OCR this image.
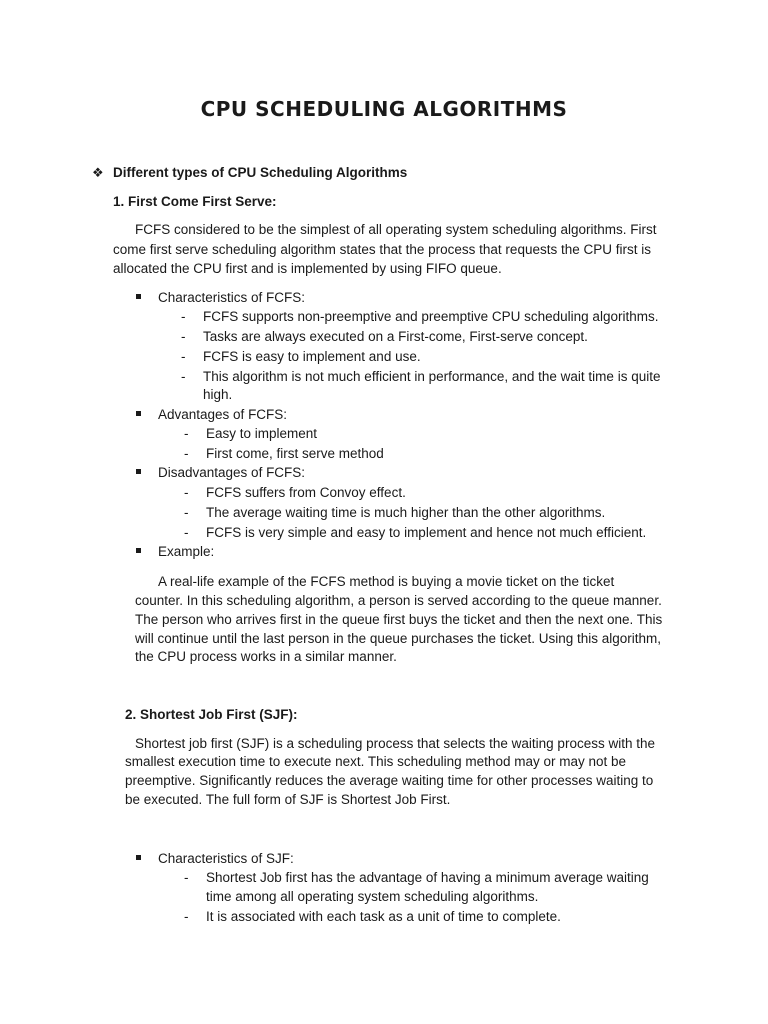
CPU SCHEDULING ALGORITHMS
❖ Different types of CPU Scheduling Algorithms
1. First Come First Serve:
FCFS considered to be the simplest of all operating system scheduling algorithms. First
come first serve scheduling algorithm states that the process that requests the CPU first is
allocated the CPU first and is implemented by using FIFO queue.
Characteristics of FCFS:
- FCFS supports non-preemptive and preemptive CPU scheduling algorithms.
- Tasks are always executed on a First-come, First-serve concept.
- FCFS is easy to implement and use.
- This algorithm is not much efficient in performance, and the wait time is quite
high.
Advantages of FCFS:
- Easy to implement
- First come, first serve method
Disadvantages of FCFS:
- FCFS suffers from Convoy effect.
- The average waiting time is much higher than the other algorithms.
- FCFS is very simple and easy to implement and hence not much efficient.
Example:
A real-life example of the FCFS method is buying a movie ticket on the ticket
counter. In this scheduling algorithm, a person is served according to the queue manner.
The person who arrives first in the queue first buys the ticket and then the next one. This
will continue until the last person in the queue purchases the ticket. Using this algorithm,
the CPU process works in a similar manner.
2. Shortest Job First (SJF):
Shortest job first (SJF) is a scheduling process that selects the waiting process with the
smallest execution time to execute next. This scheduling method may or may not be
preemptive. Significantly reduces the average waiting time for other processes waiting to
be executed. The full form of SJF is Shortest Job First.
Characteristics of SJF:
- Shortest Job first has the advantage of having a minimum average waiting
time among all operating system scheduling algorithms.
- It is associated with each task as a unit of time to complete.
